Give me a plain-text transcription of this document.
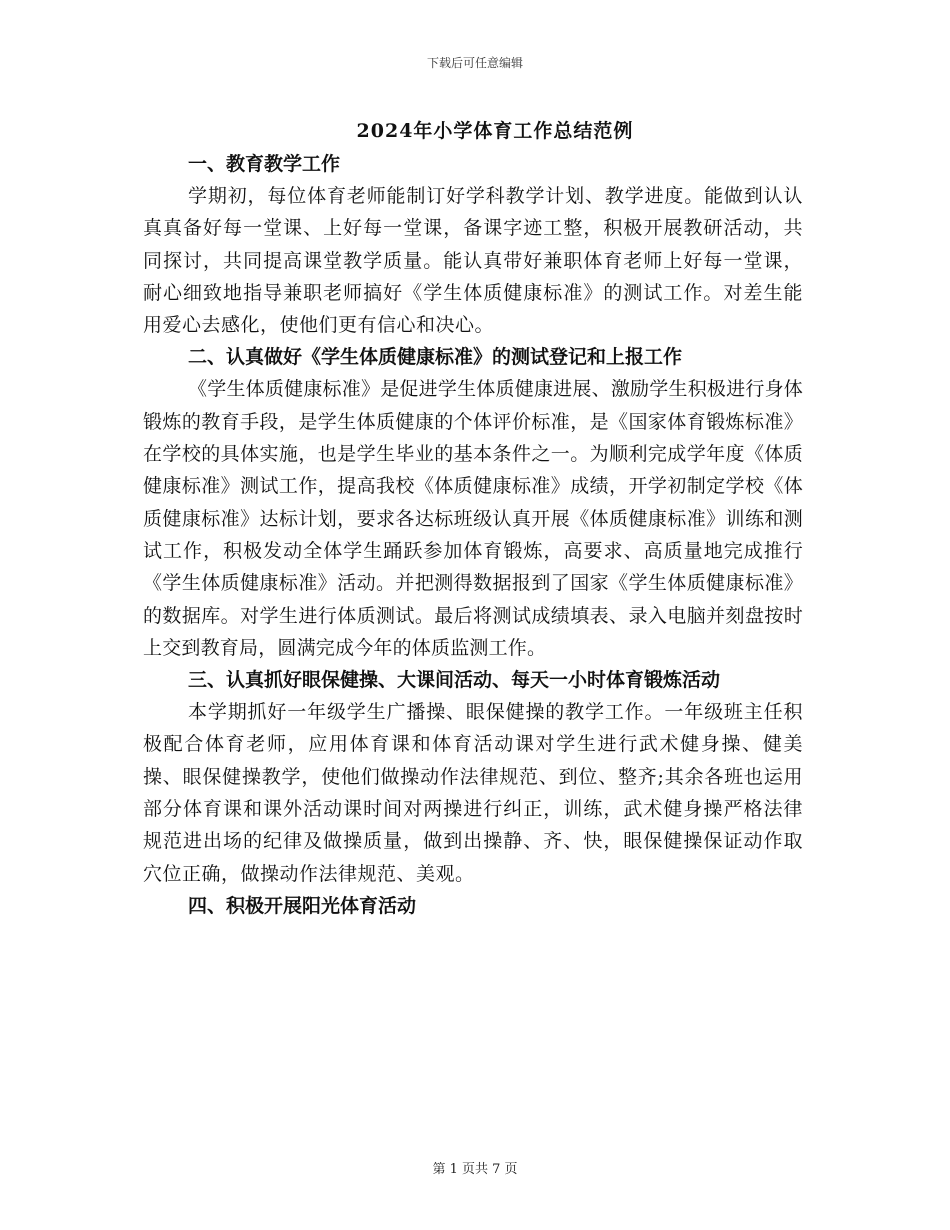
下载后可任意编辑
2024年小学体育工作总结范例

一、教育教学工作

学期初，每位体育老师能制订好学科教学计划、教学进度。能做到认认真真备好每一堂课、上好每一堂课，备课字迹工整，积极开展教研活动，共同探讨，共同提高课堂教学质量。能认真带好兼职体育老师上好每一堂课，耐心细致地指导兼职老师搞好《学生体质健康标准》的测试工作。对差生能用爱心去感化，使他们更有信心和决心。

二、认真做好《学生体质健康标准》的测试登记和上报工作

《学生体质健康标准》是促进学生体质健康进展、激励学生积极进行身体锻炼的教育手段，是学生体质健康的个体评价标准，是《国家体育锻炼标准》在学校的具体实施，也是学生毕业的基本条件之一。为顺利完成学年度《体质健康标准》测试工作，提高我校《体质健康标准》成绩，开学初制定学校《体质健康标准》达标计划，要求各达标班级认真开展《体质健康标准》训练和测试工作，积极发动全体学生踊跃参加体育锻炼，高要求、高质量地完成推行《学生体质健康标准》活动。并把测得数据报到了国家《学生体质健康标准》的数据库。对学生进行体质测试。最后将测试成绩填表、录入电脑并刻盘按时上交到教育局，圆满完成今年的体质监测工作。

三、认真抓好眼保健操、大课间活动、每天一小时体育锻炼活动

本学期抓好一年级学生广播操、眼保健操的教学工作。一年级班主任积极配合体育老师，应用体育课和体育活动课对学生进行武术健身操、健美操、眼保健操教学，使他们做操动作法律规范、到位、整齐;其余各班也运用部分体育课和课外活动课时间对两操进行纠正，训练，武术健身操严格法律规范进出场的纪律及做操质量，做到出操静、齐、快，眼保健操保证动作取穴位正确，做操动作法律规范、美观。

四、积极开展阳光体育活动

第 1 页共 7 页
